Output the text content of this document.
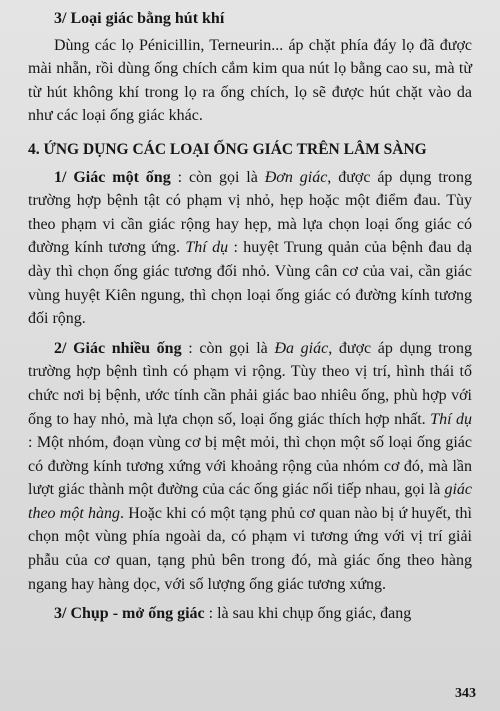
3/ Loại giác bằng hút khí

Dùng các lọ Pénicillin, Terneurin... áp chặt phía đáy lọ đã được mài nhẵn, rồi dùng ống chích cắm kim qua nút lọ bằng cao su, mà từ từ hút không khí trong lọ ra ống chích, lọ sẽ được hút chặt vào da như các loại ống giác khác.

4. ỨNG DỤNG CÁC LOẠI ỐNG GIÁC TRÊN LÂM SÀNG

1/ Giác một ống : còn gọi là Đơn giác, được áp dụng trong trường hợp bệnh tật có phạm vị nhỏ, hẹp hoặc một điểm đau. Tùy theo phạm vi cần giác rộng hay hẹp, mà lựa chọn loại ống giác có đường kính tương ứng. Thí dụ : huyệt Trung quản của bệnh đau dạ dày thì chọn ống giác tương đối nhỏ. Vùng cân cơ của vai, cần giác vùng huyệt Kiên ngung, thì chọn loại ống giác có đường kính tương đối rộng.

2/ Giác nhiều ống : còn gọi là Đa giác, được áp dụng trong trường hợp bệnh tình có phạm vi rộng. Tùy theo vị trí, hình thái tổ chức nơi bị bệnh, ước tính cần phải giác bao nhiêu ống, phù hợp với ống to hay nhỏ, mà lựa chọn số, loại ống giác thích hợp nhất. Thí dụ : Một nhóm, đoạn vùng cơ bị mệt mỏi, thì chọn một số loại ống giác có đường kính tương xứng với khoảng rộng của nhóm cơ đó, mà lần lượt giác thành một đường của các ống giác nối tiếp nhau, gọi là giác theo một hàng. Hoặc khi có một tạng phủ cơ quan nào bị ứ huyết, thì chọn một vùng phía ngoài da, có phạm vi tương ứng với vị trí giải phẫu của cơ quan, tạng phủ bên trong đó, mà giác ống theo hàng ngang hay hàng dọc, với số lượng ống giác tương xứng.

3/ Chụp - mở ống giác : là sau khi chụp ống giác, đang

343
